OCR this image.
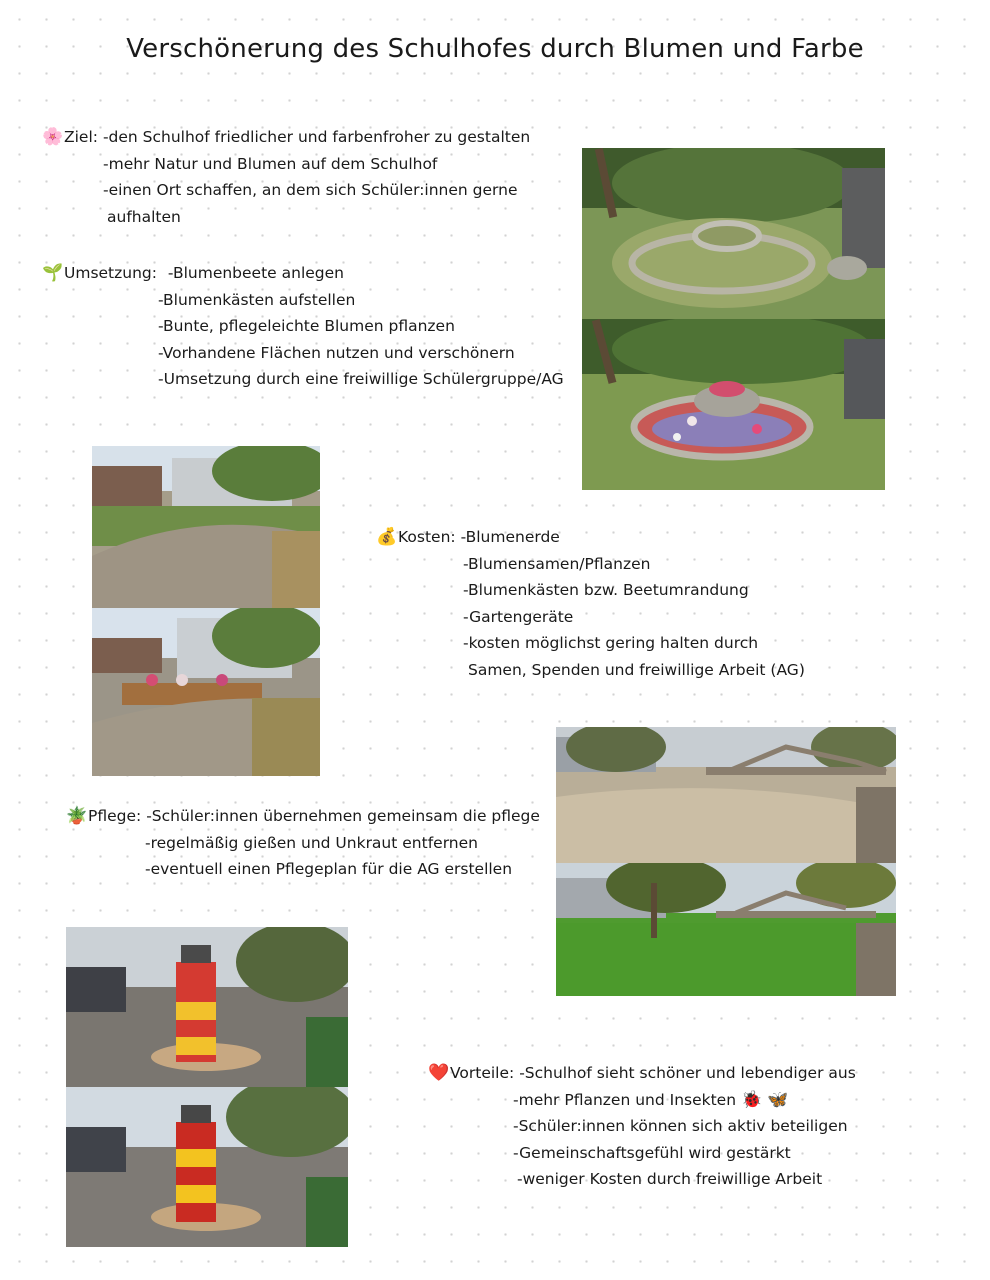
Verschönerung des Schulhofes durch Blumen und Farbe
🌸Ziel: -den Schulhof friedlicher und farbenfroher zu gestalten
-mehr Natur und Blumen auf dem Schulhof
-einen Ort schaffen, an dem sich Schüler:innen gerne
aufhalten
🌱Umsetzung: -Blumenbeete anlegen
-Blumenkästen aufstellen
-Bunte, pflegeleichte Blumen pflanzen
-Vorhandene Flächen nutzen und verschönern
-Umsetzung durch eine freiwillige Schülergruppe/AG
💰Kosten: -Blumenerde
-Blumensamen/Pflanzen
-Blumenkästen bzw. Beetumrandung
-Gartengeräte
-kosten möglichst gering halten durch
Samen, Spenden und freiwillige Arbeit (AG)
🪴Pflege: -Schüler:innen übernehmen gemeinsam die pflege
-regelmäßig gießen und Unkraut entfernen
-eventuell einen Pflegeplan für die AG erstellen
❤️Vorteile: -Schulhof sieht schöner und lebendiger aus
-mehr Pflanzen und Insekten 🐞 🦋
-Schüler:innen können sich aktiv beteiligen
-Gemeinschaftsgefühl wird gestärkt
-weniger Kosten durch freiwillige Arbeit
